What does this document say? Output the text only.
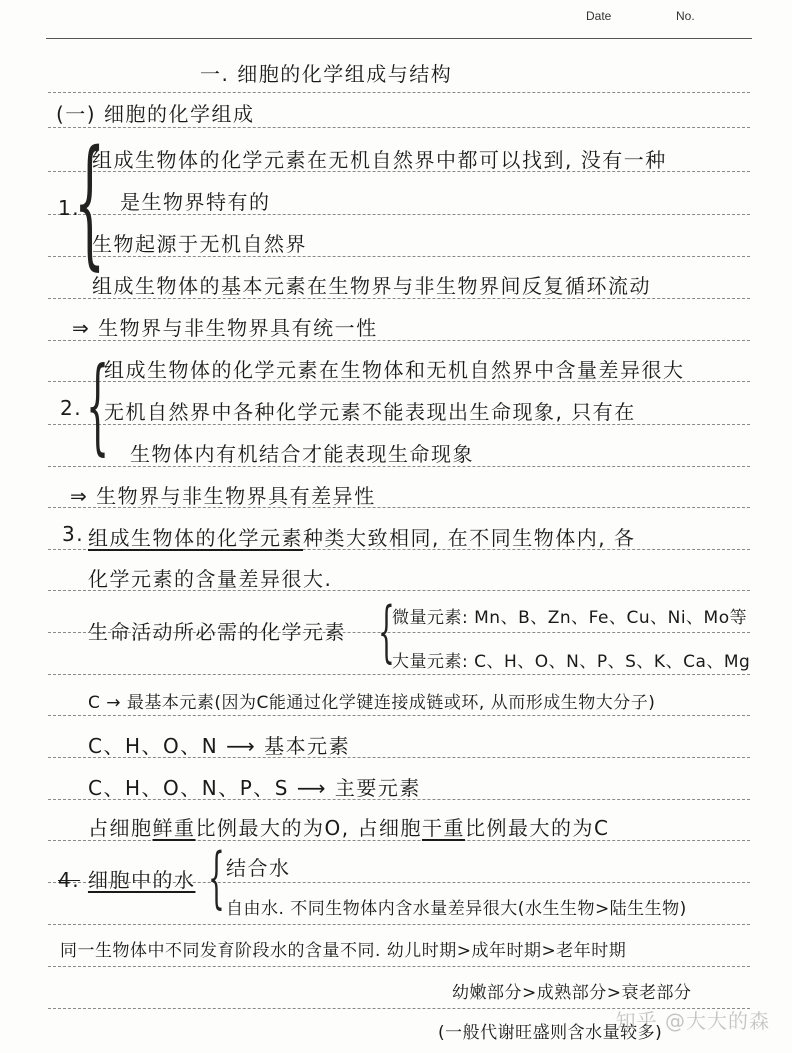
Date	No.
一. 细胞的化学组成与结构
(一) 细胞的化学组成
1.
{
组成生物体的化学元素在无机自然界中都可以找到, 没有一种
是生物界特有的
生物起源于无机自然界
组成生物体的基本元素在生物界与非生物界间反复循环流动
⇒ 生物界与非生物界具有统一性
2. {
组成生物体的化学元素在生物体和无机自然界中含量差异很大
无机自然界中各种化学元素不能表现出生命现象, 只有在
生物体内有机结合才能表现生命现象
⇒ 生物界与非生物界具有差异性
3. 组成生物体的化学元素种类大致相同, 在不同生物体内, 各
化学元素的含量差异很大.
生命活动所必需的化学元素 {
微量元素: Mn、B、Zn、Fe、Cu、Ni、Mo等
大量元素: C、H、O、N、P、S、K、Ca、Mg
C → 最基本元素(因为C能通过化学键连接成链或环, 从而形成生物大分子)
C、H、O、N ⟶ 基本元素
C、H、O、N、P、S ⟶ 主要元素
占细胞鲜重比例最大的为O, 占细胞干重比例最大的为C
4. 细胞中的水 { 结合水
自由水. 不同生物体内含水量差异很大(水生生物>陆生生物)
同一生物体中不同发育阶段水的含量不同. 幼儿时期>成年时期>老年时期
幼嫩部分>成熟部分>衰老部分
(一般代谢旺盛则含水量较多)
知乎 @大大的森
